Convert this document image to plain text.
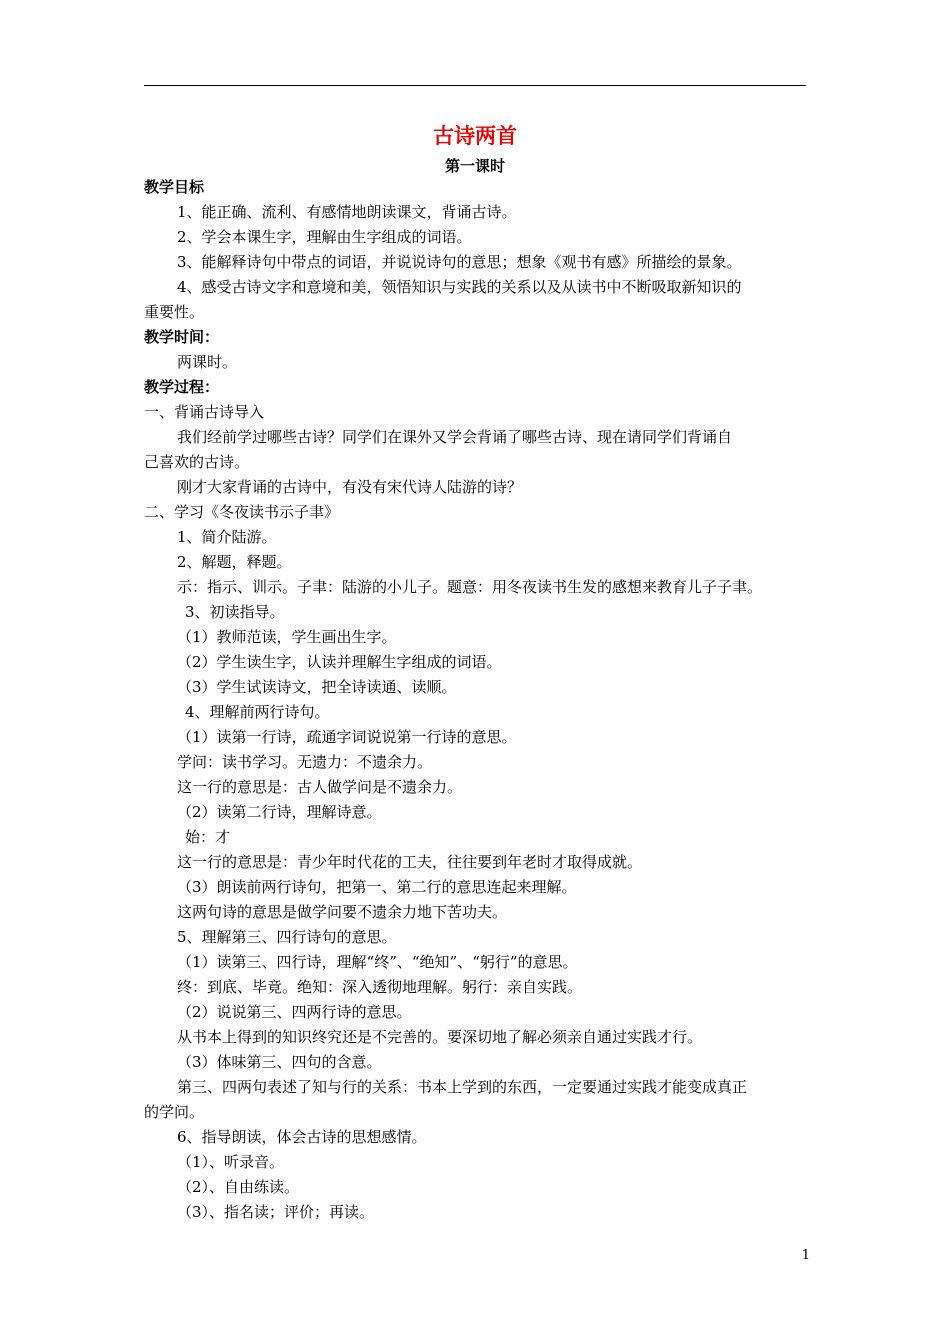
古诗两首
第一课时
教学目标
1、能正确、流利、有感情地朗读课文，背诵古诗。
2、学会本课生字，理解由生字组成的词语。
3、能解释诗句中带点的词语，并说说诗句的意思；想象《观书有感》所描绘的景象。
4、感受古诗文字和意境和美，领悟知识与实践的关系以及从读书中不断吸取新知识的
重要性。
教学时间：
两课时。
教学过程：
一、背诵古诗导入
我们经前学过哪些古诗？同学们在课外又学会背诵了哪些古诗、现在请同学们背诵自
己喜欢的古诗。
刚才大家背诵的古诗中，有没有宋代诗人陆游的诗？
二、学习《冬夜读书示子聿》
1、简介陆游。
2、解题，释题。
示：指示、训示。子聿：陆游的小儿子。题意：用冬夜读书生发的感想来教育儿子子聿。
3、初读指导。
（1）教师范读，学生画出生字。
（2）学生读生字，认读并理解生字组成的词语。
（3）学生试读诗文，把全诗读通、读顺。
4、理解前两行诗句。
（1）读第一行诗，疏通字词说说第一行诗的意思。
学问：读书学习。无遗力：不遗余力。
这一行的意思是：古人做学问是不遗余力。
（2）读第二行诗，理解诗意。
始：才
这一行的意思是：青少年时代花的工夫，往往要到年老时才取得成就。
（3）朗读前两行诗句，把第一、第二行的意思连起来理解。
这两句诗的意思是做学问要不遗余力地下苦功夫。
5、理解第三、四行诗句的意思。
（1）读第三、四行诗，理解“终”、“绝知”、“躬行”的意思。
终：到底、毕竟。绝知：深入透彻地理解。躬行：亲自实践。
（2）说说第三、四两行诗的意思。
从书本上得到的知识终究还是不完善的。要深切地了解必须亲自通过实践才行。
（3）体味第三、四句的含意。
第三、四两句表述了知与行的关系：书本上学到的东西，一定要通过实践才能变成真正
的学问。
6、指导朗读，体会古诗的思想感情。
（1）、听录音。
（2）、自由练读。
（3）、指名读；评价；再读。
1
